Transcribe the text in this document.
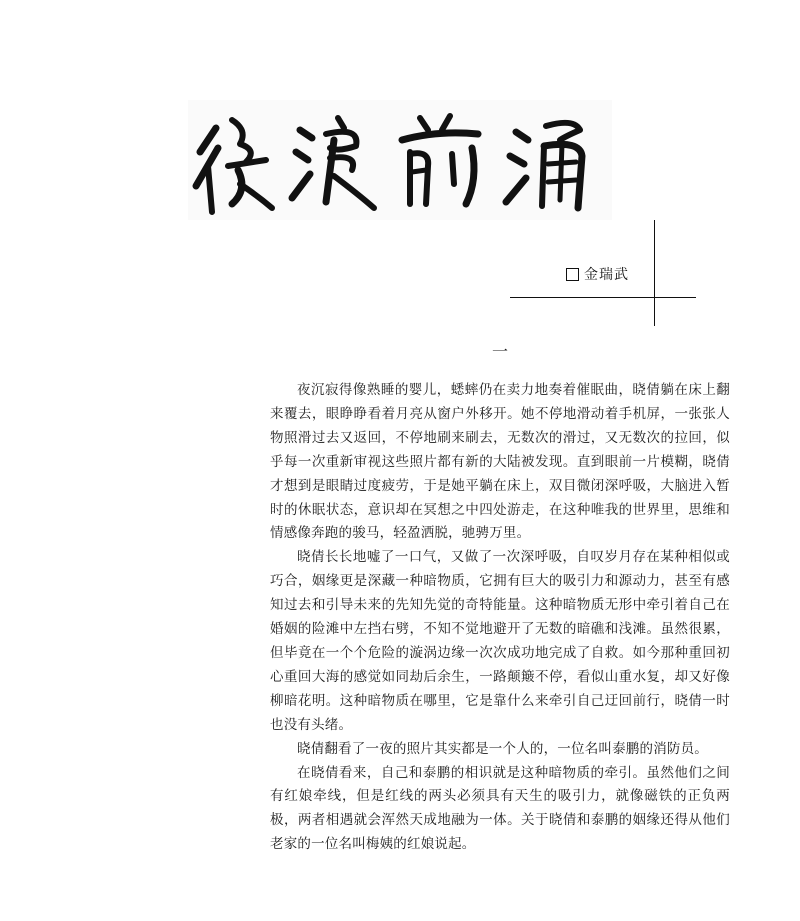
金瑞武
一

夜沉寂得像熟睡的婴儿，蟋蟀仍在卖力地奏着催眠曲，晓倩躺在床上翻来覆去，眼睁睁看着月亮从窗户外移开。她不停地滑动着手机屏，一张张人物照滑过去又返回，不停地刷来刷去，无数次的滑过，又无数次的拉回，似乎每一次重新审视这些照片都有新的大陆被发现。直到眼前一片模糊，晓倩才想到是眼睛过度疲劳，于是她平躺在床上，双目微闭深呼吸，大脑进入暂时的休眠状态，意识却在冥想之中四处游走，在这种唯我的世界里，思维和情感像奔跑的骏马，轻盈洒脱，驰骋万里。

晓倩长长地嘘了一口气，又做了一次深呼吸，自叹岁月存在某种相似或巧合，姻缘更是深藏一种暗物质，它拥有巨大的吸引力和源动力，甚至有感知过去和引导未来的先知先觉的奇特能量。这种暗物质无形中牵引着自己在婚姻的险滩中左挡右劈，不知不觉地避开了无数的暗礁和浅滩。虽然很累，但毕竟在一个个危险的漩涡边缘一次次成功地完成了自救。如今那种重回初心重回大海的感觉如同劫后余生，一路颠簸不停，看似山重水复，却又好像柳暗花明。这种暗物质在哪里，它是靠什么来牵引自己迂回前行，晓倩一时也没有头绪。

晓倩翻看了一夜的照片其实都是一个人的，一位名叫泰鹏的消防员。

在晓倩看来，自己和泰鹏的相识就是这种暗物质的牵引。虽然他们之间有红娘牵线，但是红线的两头必须具有天生的吸引力，就像磁铁的正负两极，两者相遇就会浑然天成地融为一体。关于晓倩和泰鹏的姻缘还得从他们老家的一位名叫梅姨的红娘说起。
